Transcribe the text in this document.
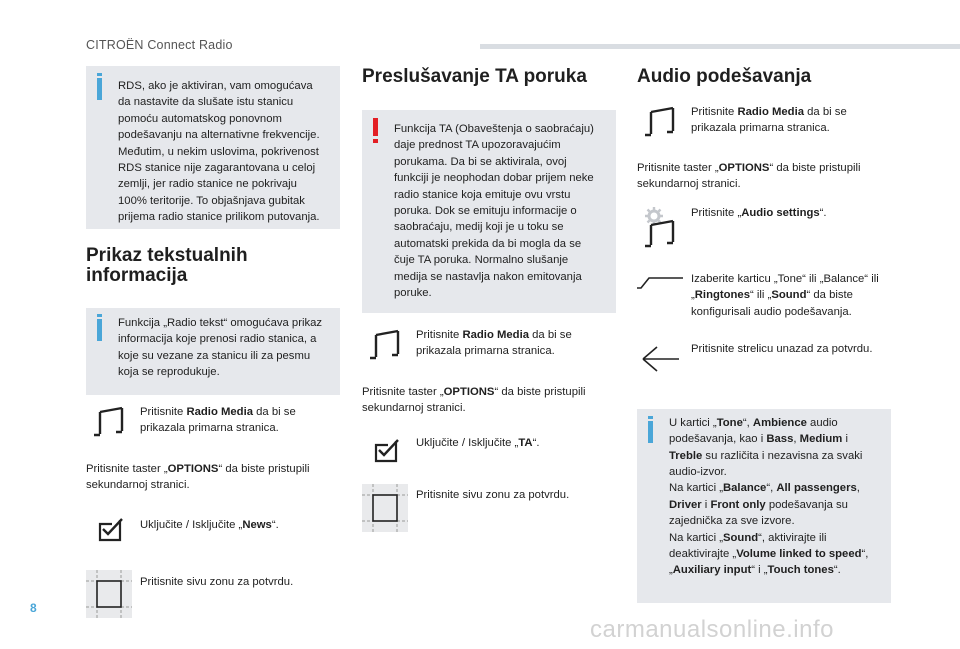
CITROËN Connect Radio

RDS, ako je aktiviran, vam omogućava da nastavite da slušate istu stanicu pomoću automatskog ponovnom podešavanju na alternativne frekvencije. Međutim, u nekim uslovima, pokrivenost RDS stanice nije zagarantovana u celoj zemlji, jer radio stanice ne pokrivaju 100% teritorije. To objašnjava gubitak prijema radio stanice prilikom putovanja.

Prikaz tekstualnih informacija

Funkcija „Radio tekst“ omogućava prikaz informacija koje prenosi radio stanica, a koje su vezane za stanicu ili za pesmu koja se reprodukuje.

Pritisnite Radio Media da bi se prikazala primarna stranica.

Pritisnite taster „OPTIONS“ da biste pristupili sekundarnoj stranici.

Uključite / Isključite „News“.
Pritisnite sivu zonu za potvrdu.
Preslušavanje TA poruka

Funkcija TA (Obaveštenja o saobraćaju) daje prednost TA upozoravajućim porukama. Da bi se aktivirala, ovoj funkciji je neophodan dobar prijem neke radio stanice koja emituje ovu vrstu poruka. Dok se emituju informacije o saobraćaju, medij koji je u toku se automatski prekida da bi mogla da se čuje TA poruka. Normalno slušanje medija se nastavlja nakon emitovanja poruke.

Pritisnite Radio Media da bi se prikazala primarna stranica.

Pritisnite taster „OPTIONS“ da biste pristupili sekundarnoj stranici.

Uključite / Isključite „TA“.
Pritisnite sivu zonu za potvrdu.
Audio podešavanja
Pritisnite Radio Media da bi se prikazala primarna stranica.

Pritisnite taster „OPTIONS“ da biste pristupili sekundarnoj stranici.

Pritisnite „Audio settings“.
Izaberite karticu „Tone“ ili „Balance“ ili „Ringtones“ ili „Sound“ da biste konfigurisali audio podešavanja.
Pritisnite strelicu unazad za potvrdu.

U kartici „Tone“, Ambience audio podešavanja, kao i Bass, Medium i Treble su različita i nezavisna za svaki audio-izvor.

Na kartici „Balance“, All passengers, Driver i Front only podešavanja su zajednička za sve izvore.

Na kartici „Sound“, aktivirajte ili deaktivirajte „Volume linked to speed“, „Auxiliary input“ i „Touch tones“.

8
carmanualsonline.info
